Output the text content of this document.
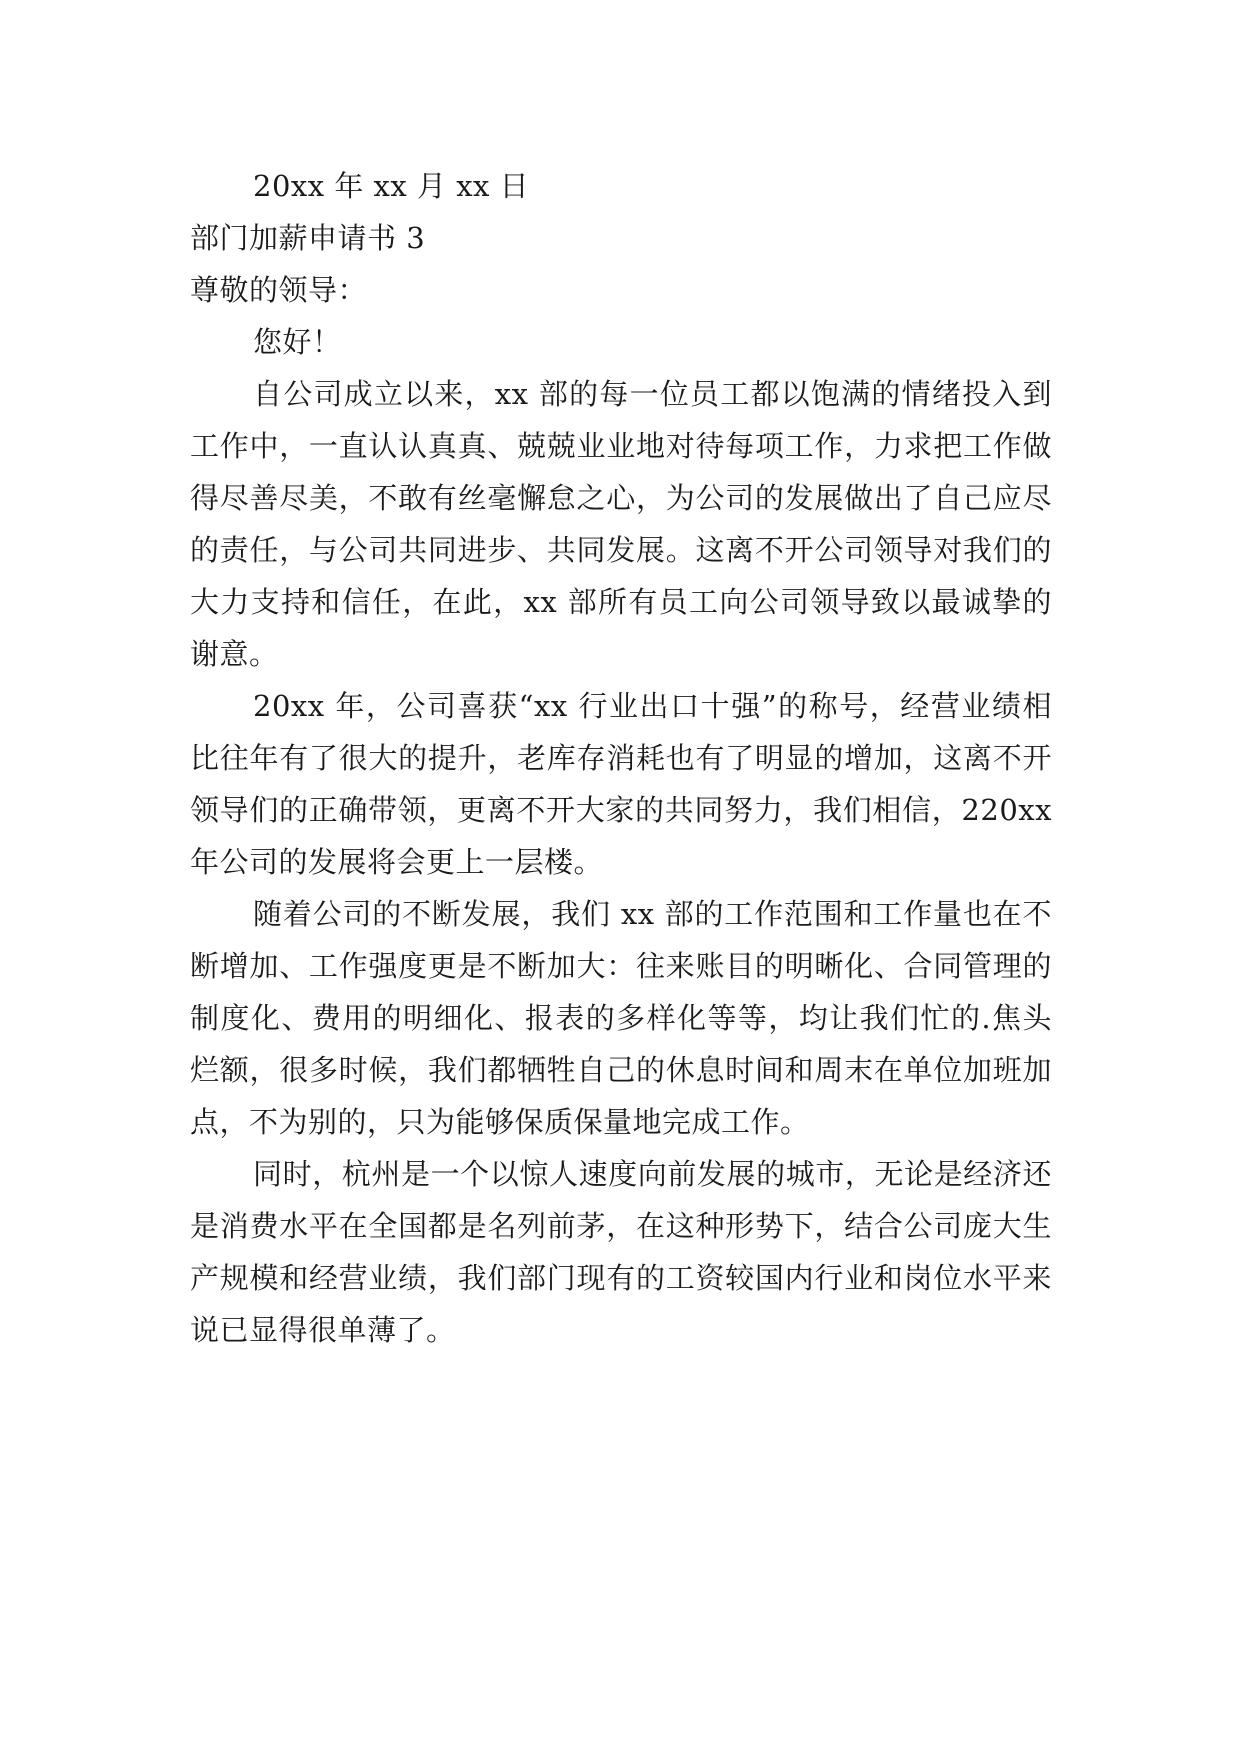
20xx 年 xx 月 xx 日
部门加薪申请书 3
尊敬的领导：
您好！

自公司成立以来，xx 部的每一位员工都以饱满的情绪投入到工作中，一直认认真真、兢兢业业地对待每项工作，力求把工作做得尽善尽美，不敢有丝毫懈怠之心，为公司的发展做出了自己应尽的责任，与公司共同进步、共同发展。这离不开公司领导对我们的大力支持和信任，在此，xx 部所有员工向公司领导致以最诚挚的谢意。

20xx 年，公司喜获“xx 行业出口十强”的称号，经营业绩相比往年有了很大的提升，老库存消耗也有了明显的增加，这离不开领导们的正确带领，更离不开大家的共同努力，我们相信，220xx 年公司的发展将会更上一层楼。

随着公司的不断发展，我们 xx 部的工作范围和工作量也在不断增加、工作强度更是不断加大：往来账目的明晰化、合同管理的制度化、费用的明细化、报表的多样化等等，均让我们忙的.焦头烂额，很多时候，我们都牺牲自己的休息时间和周末在单位加班加点，不为别的，只为能够保质保量地完成工作。

同时，杭州是一个以惊人速度向前发展的城市，无论是经济还是消费水平在全国都是名列前茅，在这种形势下，结合公司庞大生产规模和经营业绩，我们部门现有的工资较国内行业和岗位水平来说已显得很单薄了。
